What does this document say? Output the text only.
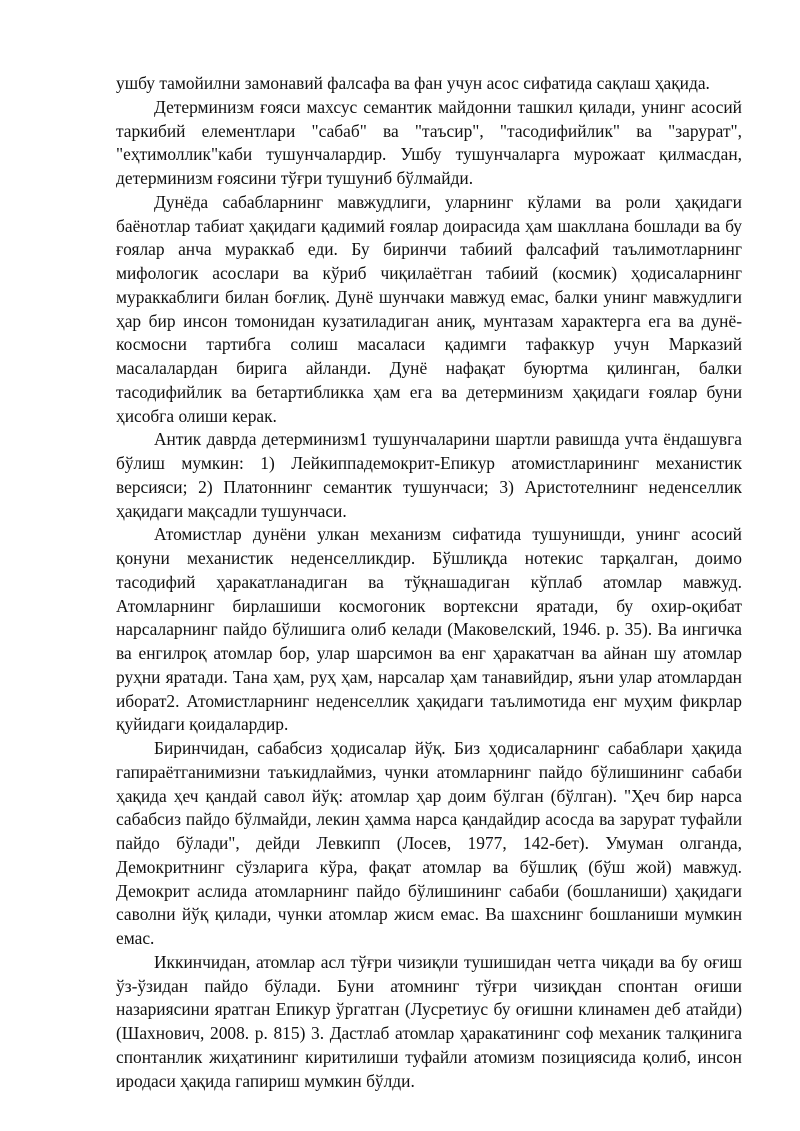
ушбу тамойилни замонавий фалсафа ва фан учун асос сифатида сақлаш ҳақида.

Детерминизм ғояси махсус семантик майдонни ташкил қилади, унинг асосий таркибий елементлари "сабаб" ва "таъсир", "тасодифийлик" ва "зарурат", "еҳтимоллик"каби тушунчалардир. Ушбу тушунчаларга мурожаат қилмасдан, детерминизм ғоясини тўғри тушуниб бўлмайди.

Дунёда сабабларнинг мавжудлиги, уларнинг кўлами ва роли ҳақидаги баёнотлар табиат ҳақидаги қадимий ғоялар доирасида ҳам шакллана бошлади ва бу ғоялар анча мураккаб еди. Бу биринчи табиий фалсафий таълимотларнинг мифологик асослари ва кўриб чиқилаётган табиий (космик) ҳодисаларнинг мураккаблиги билан боғлиқ. Дунё шунчаки мавжуд емас, балки унинг мавжудлиги ҳар бир инсон томонидан кузатиладиган аниқ, мунтазам характерга ега ва дунё-космосни тартибга солиш масаласи қадимги тафаккур учун Марказий масалалардан бирига айланди. Дунё нафақат буюртма қилинган, балки тасодифийлик ва бетартибликка ҳам ега ва детерминизм ҳақидаги ғоялар буни ҳисобга олиши керак.

Антик даврда детерминизм1 тушунчаларини шартли равишда учта ёндашувга бўлиш мумкин: 1) Лейкиппадемокрит-Епикур атомистларининг механистик версияси; 2) Платоннинг семантик тушунчаси; 3) Аристотелнинг неденселлик ҳақидаги мақсадли тушунчаси.

Атомистлар дунёни улкан механизм сифатида тушунишди, унинг асосий қонуни механистик неденселликдир. Бўшлиқда нотекис тарқалган, доимо тасодифий ҳаракатланадиган ва тўқнашадиган кўплаб атомлар мавжуд. Атомларнинг бирлашиши космогоник вортексни яратади, бу охир-оқибат нарсаларнинг пайдо бўлишига олиб келади (Маковелский, 1946. р. 35). Ва ингичка ва енгилроқ атомлар бор, улар шарсимон ва енг ҳаракатчан ва айнан шу атомлар руҳни яратади. Тана ҳам, руҳ ҳам, нарсалар ҳам танавийдир, яъни улар атомлардан иборат2. Атомистларнинг неденселлик ҳақидаги таълимотида енг муҳим фикрлар қуйидаги қоидалардир.

Биринчидан, сабабсиз ҳодисалар йўқ. Биз ҳодисаларнинг сабаблари ҳақида гапираётганимизни таъкидлаймиз, чунки атомларнинг пайдо бўлишининг сабаби ҳақида ҳеч қандай савол йўқ: атомлар ҳар доим бўлган (бўлган). "Ҳеч бир нарса сабабсиз пайдо бўлмайди, лекин ҳамма нарса қандайдир асосда ва зарурат туфайли пайдо бўлади", дейди Левкипп (Лосев, 1977, 142-бет). Умуман олганда, Демокритнинг сўзларига кўра, фақат атомлар ва бўшлиқ (бўш жой) мавжуд. Демокрит аслида атомларнинг пайдо бўлишининг сабаби (бошланиши) ҳақидаги саволни йўқ қилади, чунки атомлар жисм емас. Ва шахснинг бошланиши мумкин емас.

Иккинчидан, атомлар асл тўғри чизиқли тушишидан четга чиқади ва бу оғиш ўз-ўзидан пайдо бўлади. Буни атомнинг тўғри чизиқдан спонтан оғиши назариясини яратган Епикур ўргатган (Лусретиус бу оғишни клинамен деб атайди) (Шахнович, 2008. р. 815) 3. Дастлаб атомлар ҳаракатининг соф механик талқинига спонтанлик жиҳатининг киритилиши туфайли атомизм позициясида қолиб, инсон иродаси ҳақида гапириш мумкин бўлди.
